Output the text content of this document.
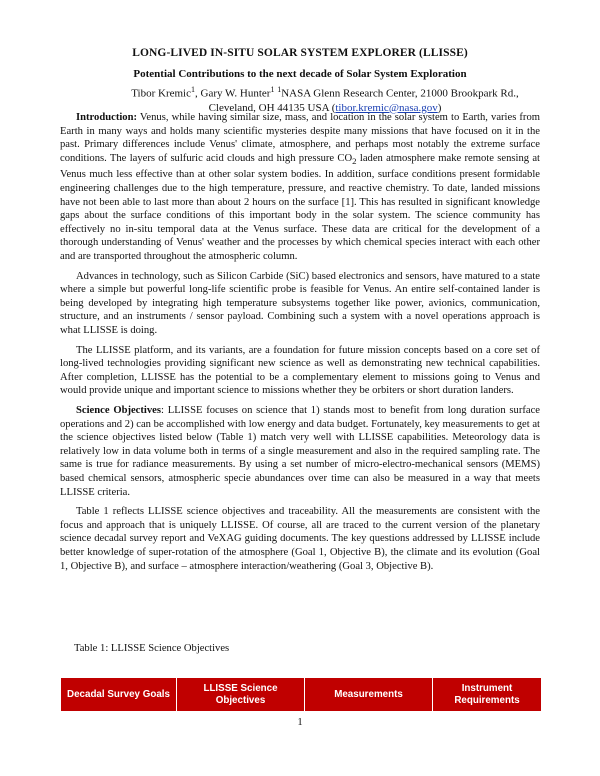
LONG-LIVED IN-SITU SOLAR SYSTEM EXPLORER (LLISSE)
Potential Contributions to the next decade of Solar System Exploration
Tibor Kremic$^1$, Gary W. Hunter$^1$ $^1$NASA Glenn Research Center, 21000 Brookpark Rd., Cleveland, OH 44135 USA (tibor.kremic@nasa.gov)

Introduction: Venus, while having similar size, mass, and location in the solar system to Earth, varies from Earth in many ways and holds many scientific mysteries despite many missions that have focused on it in the past. Primary differences include Venus' climate, atmosphere, and perhaps most notably the extreme surface conditions. The layers of sulfuric acid clouds and high pressure $CO_2$ laden atmosphere make remote sensing at Venus much less effective than at other solar system bodies. In addition, surface conditions present formidable engineering challenges due to the high temperature, pressure, and reactive chemistry. To date, landed missions have not been able to last more than about 2 hours on the surface [1]. This has resulted in significant knowledge gaps about the surface conditions of this important body in the solar system. The science community has effectively no in-situ temporal data at the Venus surface. These data are critical for the development of a thorough understanding of Venus' weather and the processes by which chemical species interact with each other and are transported throughout the atmospheric column.

Advances in technology, such as Silicon Carbide (SiC) based electronics and sensors, have matured to a state where a simple but powerful long-life scientific probe is feasible for Venus. An entire self-contained lander is being developed by integrating high temperature subsystems together like power, avionics, communication, structure, and an instruments / sensor payload. Combining such a system with a novel operations approach is what LLISSE is doing.

The LLISSE platform, and its variants, are a foundation for future mission concepts based on a core set of long-lived technologies providing significant new science as well as demonstrating new technical capabilities. After completion, LLISSE has the potential to be a complementary element to missions going to Venus and would provide unique and important science to missions whether they be orbiters or short duration landers.

Science Objectives: LLISSE focuses on science that 1) stands most to benefit from long duration surface operations and 2) can be accomplished with low energy and data budget. Fortunately, key measurements to get at the science objectives listed below (Table 1) match very well with LLISSE capabilities. Meteorology data is relatively low in data volume both in terms of a single measurement and also in the required sampling rate. The same is true for radiance measurements. By using a set number of micro-electro-mechanical sensors (MEMS) based chemical sensors, atmospheric specie abundances over time can also be measured in a way that meets LLISSE criteria.

Table 1 reflects LLISSE science objectives and traceability. All the measurements are consistent with the focus and approach that is uniquely LLISSE. Of course, all are traced to the current version of the planetary science decadal survey report and VeXAG guiding documents. The key questions addressed by LLISSE include better knowledge of super-rotation of the atmosphere (Goal 1, Objective B), the climate and its evolution (Goal 1, Objective B), and surface – atmosphere interaction/weathering (Goal 3, Objective B).

Table 1: LLISSE Science Objectives
Decadal Survey Goals
LLISSE Science Objectives
Measurements
Instrument Requirements
1
